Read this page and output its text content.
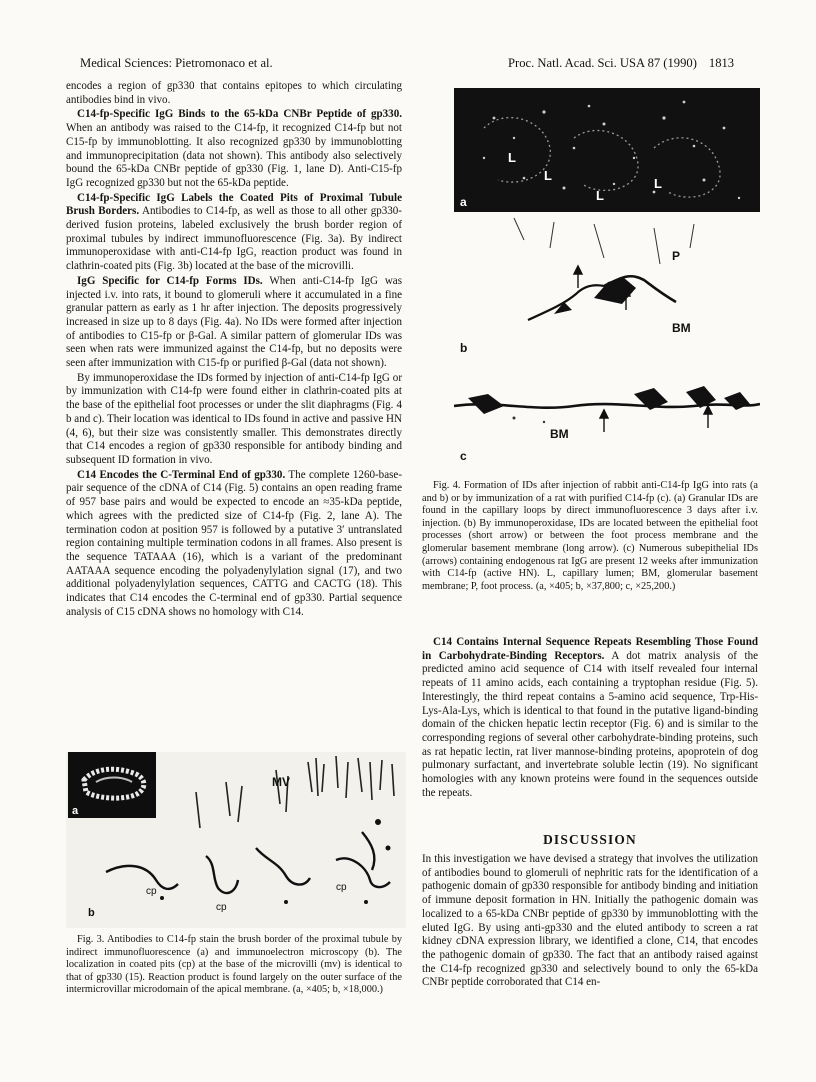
Medical Sciences: Pietromonaco et al.	Proc. Natl. Acad. Sci. USA 87 (1990) 1813

encodes a region of gp330 that contains epitopes to which circulating antibodies bind in vivo.

C14-fp-Specific IgG Binds to the 65-kDa CNBr Peptide of gp330. When an antibody was raised to the C14-fp, it recognized C14-fp but not C15-fp by immunoblotting. It also recognized gp330 by immunoblotting and immunoprecipitation (data not shown). This antibody also selectively bound the 65-kDa CNBr peptide of gp330 (Fig. 1, lane D). Anti-C15-fp IgG recognized gp330 but not the 65-kDa peptide.

C14-fp-Specific IgG Labels the Coated Pits of Proximal Tubule Brush Borders. Antibodies to C14-fp, as well as those to all other gp330-derived fusion proteins, labeled exclusively the brush border region of proximal tubules by indirect immunofluorescence (Fig. 3a). By indirect immunoperoxidase with anti-C14-fp IgG, reaction product was found in clathrin-coated pits (Fig. 3b) located at the base of the microvilli.

IgG Specific for C14-fp Forms IDs. When anti-C14-fp IgG was injected i.v. into rats, it bound to glomeruli where it accumulated in a fine granular pattern as early as 1 hr after injection. The deposits progressively increased in size up to 8 days (Fig. 4a). No IDs were formed after injection of antibodies to C15-fp or β-Gal. A similar pattern of glomerular IDs was seen when rats were immunized against the C14-fp, but no deposits were seen after immunization with C15-fp or purified β-Gal (data not shown).

By immunoperoxidase the IDs formed by injection of anti-C14-fp IgG or by immunization with C14-fp were found either in clathrin-coated pits at the base of the epithelial foot processes or under the slit diaphragms (Fig. 4 b and c). Their location was identical to IDs found in active and passive HN (4, 6), but their size was consistently smaller. This demonstrates directly that C14 encodes a region of gp330 responsible for antibody binding and subsequent ID formation in vivo.

C14 Encodes the C-Terminal End of gp330. The complete 1260-base-pair sequence of the cDNA of C14 (Fig. 5) contains an open reading frame of 957 base pairs and would be expected to encode an ≈35-kDa peptide, which agrees with the predicted size of C14-fp (Fig. 2, lane A). The termination codon at position 957 is followed by a putative 3′ untranslated region containing multiple termination codons in all frames. Also present is the sequence TATAAA (16), which is a variant of the predominant AATAAA sequence encoding the polyadenylylation signal (17), and two additional polyadenylylation sequences, CATTG and CACTG (18). This indicates that C14 encodes the C-terminal end of gp330. Partial sequence analysis of C15 cDNA shows no homology with C14.

a
MV
cp
cp
cp
b
Fig. 3. Antibodies to C14-fp stain the brush border of the proximal tubule by indirect immunofluorescence (a) and immunoelectron microscopy (b). The localization in coated pits (cp) at the base of the microvilli (mv) is identical to that of gp330 (15). Reaction product is found largely on the outer surface of the intermicrovillar microdomain of the apical membrane. (a, ×405; b, ×18,000.)
a
L
L
L
L
P
BM
b
BM
c
Fig. 4. Formation of IDs after injection of rabbit anti-C14-fp IgG into rats (a and b) or by immunization of a rat with purified C14-fp (c). (a) Granular IDs are found in the capillary loops by direct immunofluorescence 3 days after i.v. injection. (b) By immunoperoxidase, IDs are located between the epithelial foot processes (short arrow) or between the foot process membrane and the glomerular basement membrane (long arrow). (c) Numerous subepithelial IDs (arrows) containing endogenous rat IgG are present 12 weeks after immunization with C14-fp (active HN). L, capillary lumen; BM, glomerular basement membrane; P, foot process. (a, ×405; b, ×37,800; c, ×25,200.)

C14 Contains Internal Sequence Repeats Resembling Those Found in Carbohydrate-Binding Receptors. A dot matrix analysis of the predicted amino acid sequence of C14 with itself revealed four internal repeats of 11 amino acids, each containing a tryptophan residue (Fig. 5). Interestingly, the third repeat contains a 5-amino acid sequence, Trp-His-Lys-Ala-Lys, which is identical to that found in the putative ligand-binding domain of the chicken hepatic lectin receptor (Fig. 6) and is similar to the corresponding regions of several other carbohydrate-binding proteins, such as rat hepatic lectin, rat liver mannose-binding proteins, apoprotein of dog pulmonary surfactant, and invertebrate soluble lectin (19). No significant homologies with any known proteins were found in the sequences outside the repeats.

DISCUSSION

In this investigation we have devised a strategy that involves the utilization of antibodies bound to glomeruli of nephritic rats for the identification of a pathogenic domain of gp330 responsible for antibody binding and initiation of immune deposit formation in HN. Initially the pathogenic domain was localized to a 65-kDa CNBr peptide of gp330 by immunoblotting with the eluted IgG. By using anti-gp330 and the eluted antibody to screen a rat kidney cDNA expression library, we identified a clone, C14, that encodes the pathogenic domain of gp330. The fact that an antibody raised against the C14-fp recognized gp330 and selectively bound to only the 65-kDa CNBr peptide corroborated that C14 en-
